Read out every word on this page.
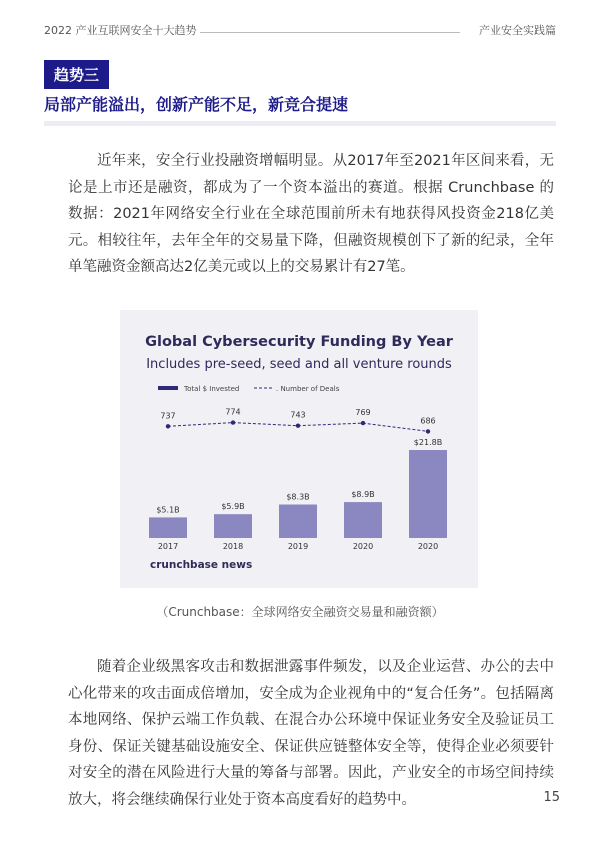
2022 产业互联网安全十大趋势	产业安全实践篇
趋势三
局部产能溢出，创新产能不足，新竞合提速

近年来，安全行业投融资增幅明显。从2017年至2021年区间来看，无论是上市还是融资，都成为了一个资本溢出的赛道。根据 Crunchbase 的数据：2021年网络安全行业在全球范围前所未有地获得风投资金218亿美元。相较往年，去年全年的交易量下降，但融资规模创下了新的纪录，全年单笔融资金额高达2亿美元或以上的交易累计有27笔。

Global Cybersecurity Funding By Year
Includes pre-seed, seed and all venture rounds
Total $ Invested	. Number of Deals
$5.1B
2017
$5.9B
2018
$8.3B
2019
$8.9B
2020
$21.8B
2020
737	774	743	769
686
crunchbase news
（Crunchbase：全球网络安全融资交易量和融资额）

随着企业级黑客攻击和数据泄露事件频发，以及企业运营、办公的去中心化带来的攻击面成倍增加，安全成为企业视角中的“复合任务”。包括隔离本地网络、保护云端工作负载、在混合办公环境中保证业务安全及验证员工身份、保证关键基础设施安全、保证供应链整体安全等，使得企业必须要针对安全的潜在风险进行大量的筹备与部署。因此，产业安全的市场空间持续放大，将会继续确保行业处于资本高度看好的趋势中。	15
